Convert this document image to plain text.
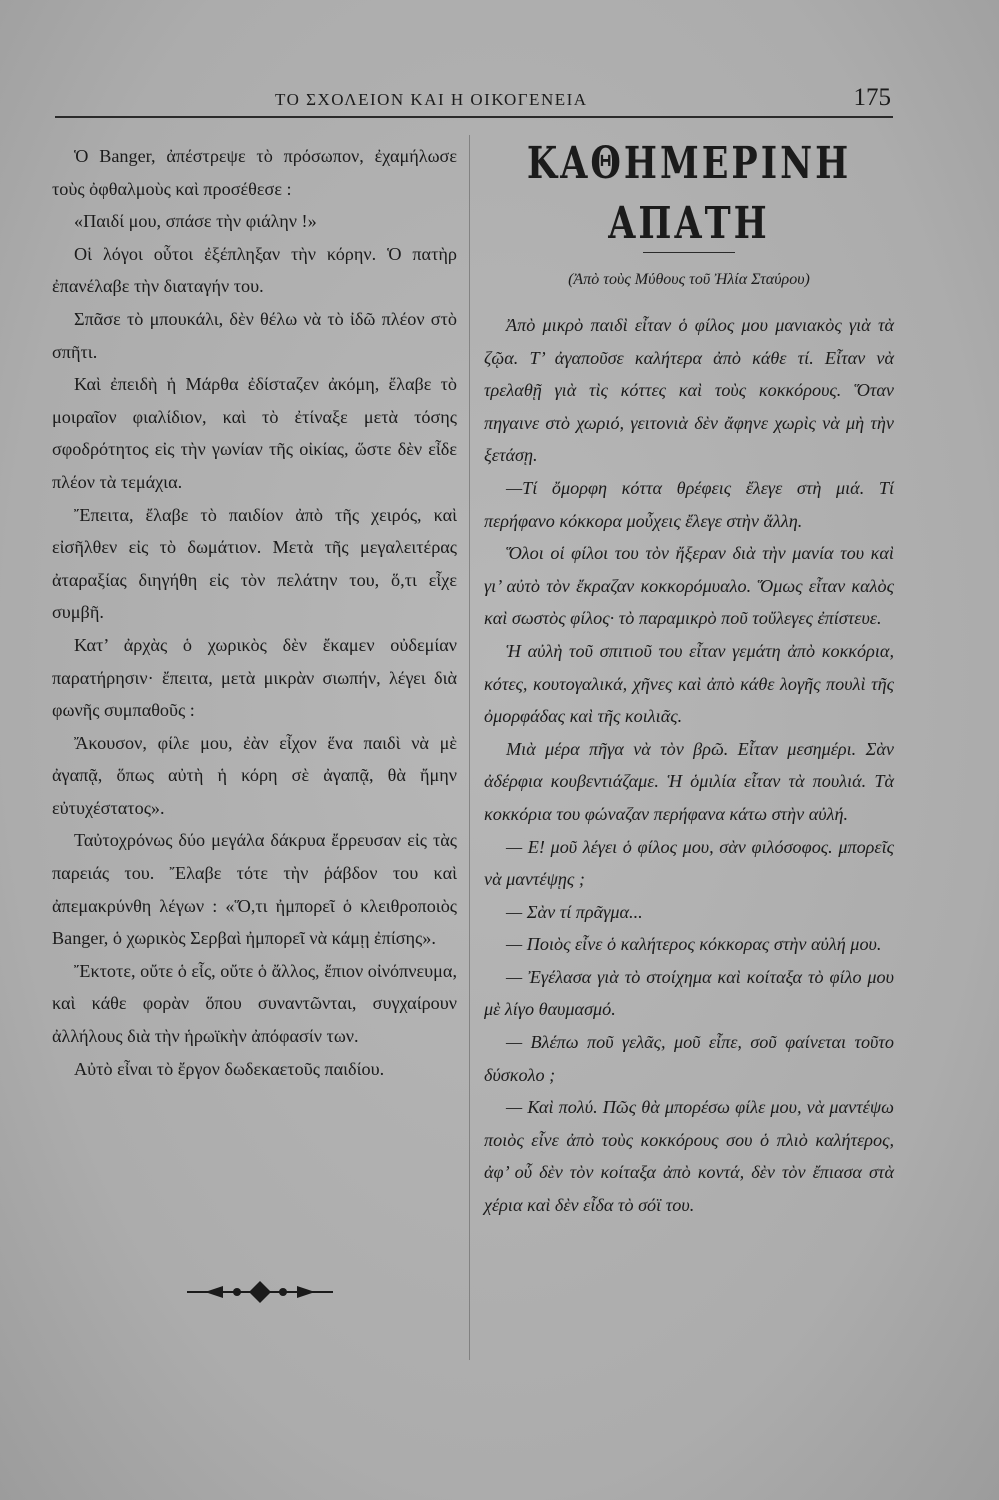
ΤΟ ΣΧΟΛΕΙΟΝ ΚΑΙ Η ΟΙΚΟΓΕΝΕΙΑ	175

Ὁ Banger, ἀπέστρεψε τὸ πρόσωπον, ἐχαμήλωσε τοὺς ὀφθαλμοὺς καὶ προσέθεσε :

«Παιδί μου, σπάσε τὴν φιάλην !»

Οἱ λόγοι οὗτοι ἐξέπληξαν τὴν κόρην. Ὁ πατὴρ ἐπανέλαβε τὴν διαταγήν του.

Σπᾶσε τὸ μπουκάλι, δὲν θέλω νὰ τὸ ἰδῶ πλέον στὸ σπῆτι.

Καὶ ἐπειδὴ ἡ Μάρθα ἐδίσταζεν ἀκόμη, ἔλαβε τὸ μοιραῖον φιαλίδιον, καὶ τὸ ἐτίναξε μετὰ τόσης σφοδρότητος εἰς τὴν γωνίαν τῆς οἰκίας, ὥστε δὲν εἶδε πλέον τὰ τεμάχια.

Ἔπειτα, ἔλαβε τὸ παιδίον ἀπὸ τῆς χειρός, καὶ εἰσῆλθεν εἰς τὸ δωμάτιον. Μετὰ τῆς μεγαλειτέρας ἀταραξίας διηγήθη εἰς τὸν πελάτην του, ὅ,τι εἶχε συμβῆ.

Κατ’ ἀρχὰς ὁ χωρικὸς δὲν ἔκαμεν οὐδεμίαν παρατήρησιν· ἔπειτα, μετὰ μικρὰν σιωπήν, λέγει διὰ φωνῆς συμπαθοῦς :

Ἄκουσον, φίλε μου, ἐὰν εἶχον ἕνα παιδὶ νὰ μὲ ἀγαπᾷ, ὅπως αὐτὴ ἡ κόρη σὲ ἀγαπᾷ, θὰ ἤμην εὐτυχέστατος».

Ταὐτοχρόνως δύο μεγάλα δάκρυα ἔρρευσαν εἰς τὰς παρειάς του. Ἔλαβε τότε τὴν ῥάβδον του καὶ ἀπεμακρύνθη λέγων : «Ὅ,τι ἠμπορεῖ ὁ κλειθροποιὸς Banger, ὁ χωρικὸς Σερβαὶ ἠμπορεῖ νὰ κάμῃ ἐπίσης».

Ἔκτοτε, οὔτε ὁ εἷς, οὔτε ὁ ἄλλος, ἔπιον οἰνόπνευμα, καὶ κάθε φορὰν ὅπου συναντῶνται, συγχαίρουν ἀλλήλους διὰ τὴν ἡρωϊκὴν ἀπόφασίν των.

Αὐτὸ εἶναι τὸ ἔργον δωδεκαετοῦς παιδίου.

ΚΑΘΗΜΕΡΙΝΗ ΑΠΑΤΗ
(Ἀπὸ τοὺς Μύθους τοῦ Ἠλία Σταύρου)

Ἀπὸ μικρὸ παιδὶ εἶταν ὁ φίλος μου μανιακὸς γιὰ τὰ ζῷα. Τ’ ἀγαποῦσε καλήτερα ἀπὸ κάθε τί. Εἶταν νὰ τρελαθῇ γιὰ τὶς κόττες καὶ τοὺς κοκκόρους. Ὅταν πηγαινε στὸ χωριό, γειτονιὰ δὲν ἄφηνε χωρὶς νὰ μὴ τὴν ξετάσῃ.

—Τί ὄμορφη κόττα θρέφεις ἔλεγε στὴ μιά. Τί περήφανο κόκκορα μοὖχεις ἔλεγε στὴν ἄλλη.

Ὅλοι οἱ φίλοι του τὸν ἤξεραν διὰ τὴν μανία του καὶ γι’ αὐτὸ τὸν ἔκραζαν κοκκορόμυαλο. Ὅμως εἶταν καλὸς καὶ σωστὸς φίλος· τὸ παραμικρὸ ποῦ τοὔλεγες ἐπίστευε.

Ἡ αὐλὴ τοῦ σπιτιοῦ του εἶταν γεμάτη ἀπὸ κοκκόρια, κότες, κουτογαλικά, χῆνες καὶ ἀπὸ κάθε λογῆς πουλὶ τῆς ὀμορφάδας καὶ τῆς κοιλιᾶς.

Μιὰ μέρα πῆγα νὰ τὸν βρῶ. Εἶταν μεσημέρι. Σὰν ἀδέρφια κουβεντιάζαμε. Ἡ ὁμιλία εἶταν τὰ πουλιά. Τὰ κοκκόρια του φώναζαν περήφανα κάτω στὴν αὐλή.

— Ε! μοῦ λέγει ὁ φίλος μου, σὰν φιλόσοφος. μπορεῖς νὰ μαντέψῃς ;

— Σὰν τί πρᾶγμα...

— Ποιὸς εἶνε ὁ καλήτερος κόκκορας στὴν αὐλή μου.

— Ἐγέλασα γιὰ τὸ στοίχημα καὶ κοίταξα τὸ φίλο μου μὲ λίγο θαυμασμό.

— Βλέπω ποῦ γελᾶς, μοῦ εἶπε, σοῦ φαίνεται τοῦτο δύσκολο ;

— Καὶ πολύ. Πῶς θὰ μπορέσω φίλε μου, νὰ μαντέψω ποιὸς εἶνε ἀπὸ τοὺς κοκκόρους σου ὁ πλιὸ καλήτερος, ἀφ’ οὗ δὲν τὸν κοίταξα ἀπὸ κοντά, δὲν τὸν ἔπιασα στὰ χέρια καὶ δὲν εἶδα τὸ σόϊ του.
